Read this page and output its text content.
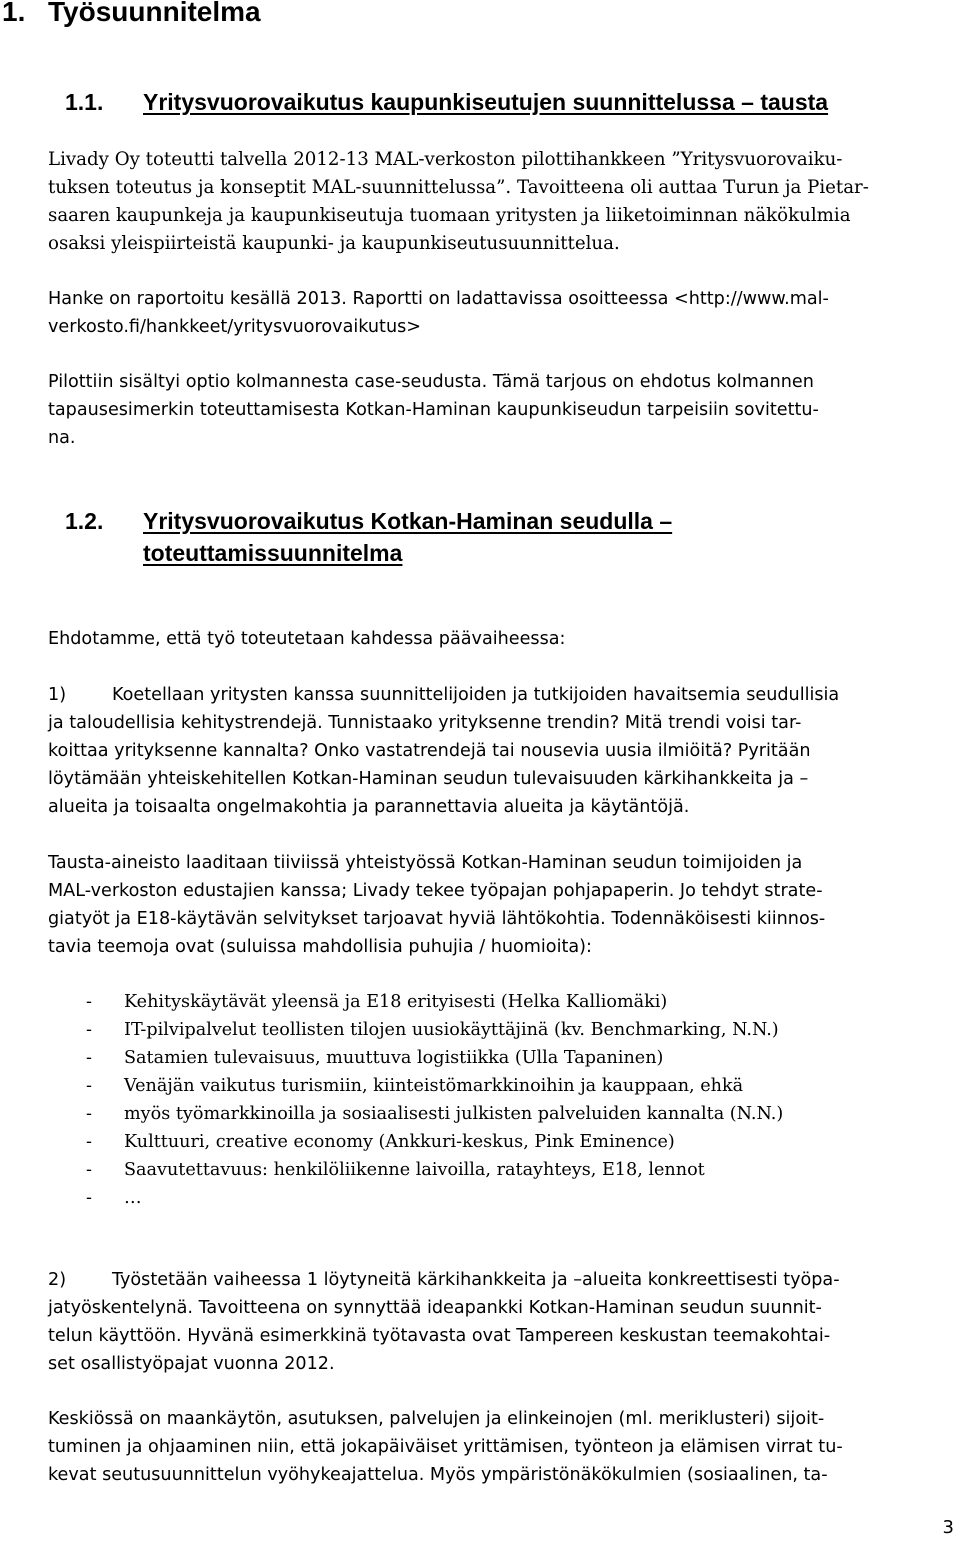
1. Työsuunnitelma
1.1. Yritysvuorovaikutus kaupunkiseutujen suunnittelussa – tausta
Livady Oy toteutti talvella 2012-13 MAL-verkoston pilottihankkeen ”Yritysvuorovaiku-
tuksen toteutus ja konseptit MAL-suunnittelussa”. Tavoitteena oli auttaa Turun ja Pietar-
saaren kaupunkeja ja kaupunkiseutuja tuomaan yritysten ja liiketoiminnan näkökulmia
osaksi yleispiirteistä kaupunki- ja kaupunkiseutusuunnittelua.
Hanke on raportoitu kesällä 2013. Raportti on ladattavissa osoitteessa <http://www.mal-
verkosto.fi/hankkeet/yritysvuorovaikutus>
Pilottiin sisältyi optio kolmannesta case-seudusta. Tämä tarjous on ehdotus kolmannen
tapausesimerkin toteuttamisesta Kotkan-Haminan kaupunkiseudun tarpeisiin sovitettu-
na.
1.2. Yritysvuorovaikutus Kotkan-Haminan seudulla –
toteuttamissuunnitelma
Ehdotamme, että työ toteutetaan kahdessa päävaiheessa:
1)	Koetellaan yritysten kanssa suunnittelijoiden ja tutkijoiden havaitsemia seudullisia
ja taloudellisia kehitystrendejä. Tunnistaako yrityksenne trendin? Mitä trendi voisi tar-
koittaa yrityksenne kannalta? Onko vastatrendejä tai nousevia uusia ilmiöitä? Pyritään
löytämään yhteiskehitellen Kotkan-Haminan seudun tulevaisuuden kärkihankkeita ja –
alueita ja toisaalta ongelmakohtia ja parannettavia alueita ja käytäntöjä.
Tausta-aineisto laaditaan tiiviissä yhteistyössä Kotkan-Haminan seudun toimijoiden ja
MAL-verkoston edustajien kanssa; Livady tekee työpajan pohjapaperin. Jo tehdyt strate-
giatyöt ja E18-käytävän selvitykset tarjoavat hyviä lähtökohtia. Todennäköisesti kiinnos-
tavia teemoja ovat (suluissa mahdollisia puhujia / huomioita):
- Kehityskäytävät yleensä ja E18 erityisesti (Helka Kalliomäki)
- IT-pilvipalvelut teollisten tilojen uusiokäyttäjinä (kv. Benchmarking, N.N.)
- Satamien tulevaisuus, muuttuva logistiikka (Ulla Tapaninen)
- Venäjän vaikutus turismiin, kiinteistömarkkinoihin ja kauppaan, ehkä
- myös työmarkkinoilla ja sosiaalisesti julkisten palveluiden kannalta (N.N.)
- Kulttuuri, creative economy (Ankkuri-keskus, Pink Eminence)
- Saavutettavuus: henkilöliikenne laivoilla, ratayhteys, E18, lennot
- …
2)	Työstetään vaiheessa 1 löytyneitä kärkihankkeita ja –alueita konkreettisesti työpa-
jatyöskentelynä. Tavoitteena on synnyttää ideapankki Kotkan-Haminan seudun suunnit-
telun käyttöön. Hyvänä esimerkkinä työtavasta ovat Tampereen keskustan teemakohtai-
set osallistyöpajat vuonna 2012.
Keskiössä on maankäytön, asutuksen, palvelujen ja elinkeinojen (ml. meriklusteri) sijoit-
tuminen ja ohjaaminen niin, että jokapäiväiset yrittämisen, työnteon ja elämisen virrat tu-
kevat seutusuunnittelun vyöhykeajattelua. Myös ympäristönäkökulmien (sosiaalinen, ta-
3
